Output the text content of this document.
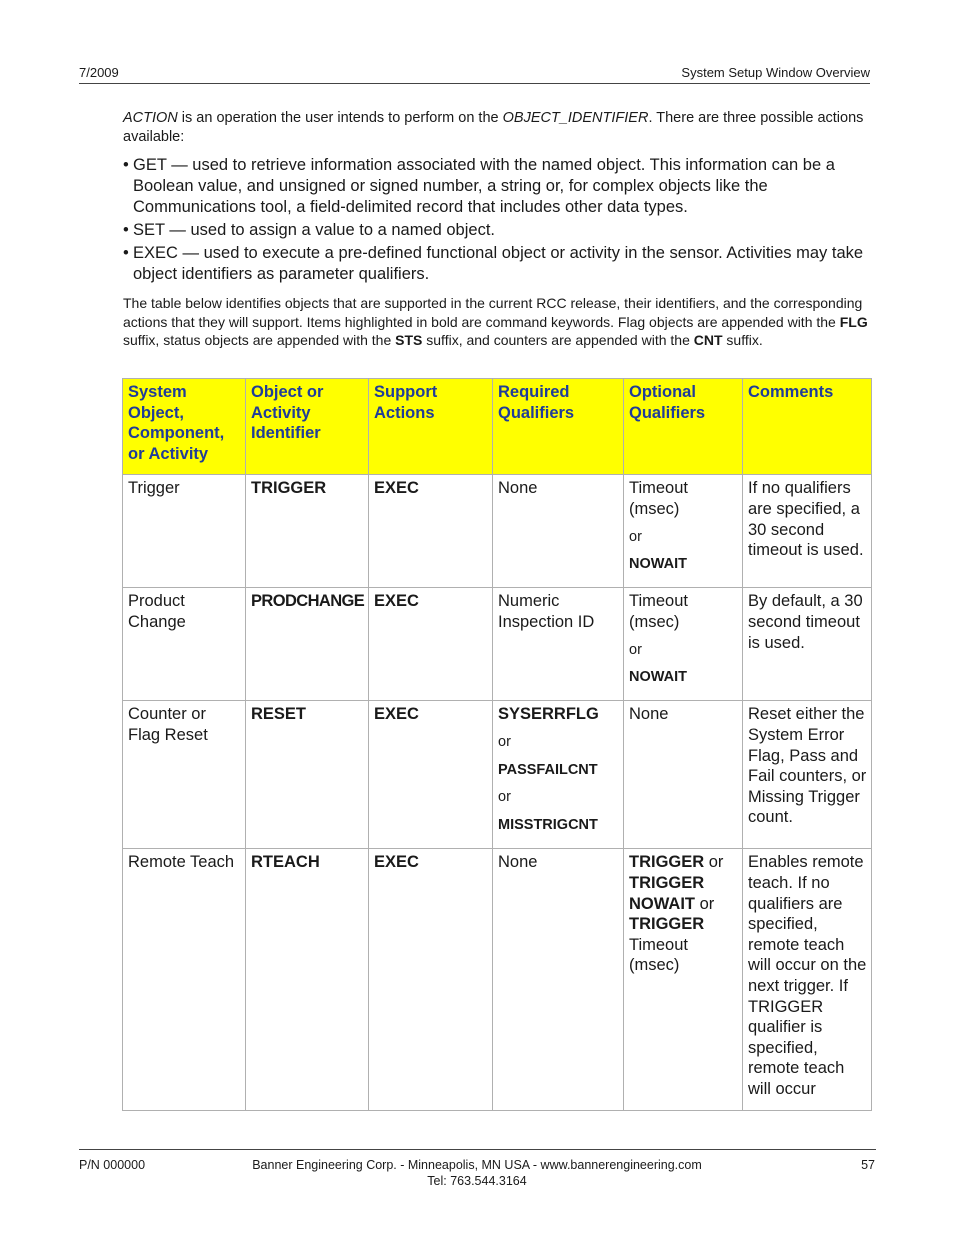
7/2009	System Setup Window Overview

ACTION is an operation the user intends to perform on the OBJECT_IDENTIFIER. There are three possible actions available:

• GET — used to retrieve information associated with the named object. This information can be a Boolean value, and unsigned or signed number, a string or, for complex objects like the Communications tool, a field-delimited record that includes other data types.
• SET — used to assign a value to a named object.
• EXEC — used to execute a pre-defined functional object or activity in the sensor. Activities may take object identifiers as parameter qualifiers.

The table below identifies objects that are supported in the current RCC release, their identifiers, and the corresponding actions that they will support. Items highlighted in bold are command keywords. Flag objects are appended with the FLG suffix, status objects are appended with the STS suffix, and counters are appended with the CNT suffix.

System Object, Component, or Activity	Object or Activity Identifier	Support Actions	Required Qualifiers	Optional Qualifiers	Comments
Trigger	TRIGGER	EXEC	None	Timeout (msec)
or
NOWAIT	If no qualifiers are specified, a 30 second timeout is used.
Product Change	PRODCHANGE	EXEC	Numeric Inspection ID	Timeout (msec)
or
NOWAIT	By default, a 30 second timeout is used.
Counter or Flag Reset	RESET	EXEC	SYSERRFLG
or
PASSFAILCNT
or
MISSTRIGCNT	None	Reset either the System Error Flag, Pass and Fail counters, or Missing Trigger count.
Remote Teach	RTEACH	EXEC	None	TRIGGER or TRIGGER NOWAIT or TRIGGER Timeout (msec)	Enables remote teach. If no qualifiers are specified, remote teach will occur on the next trigger. If TRIGGER qualifier is specified, remote teach will occur
P/N 000000	Banner Engineering Corp. - Minneapolis, MN USA - www.bannerengineering.com
Tel: 763.544.3164
57
